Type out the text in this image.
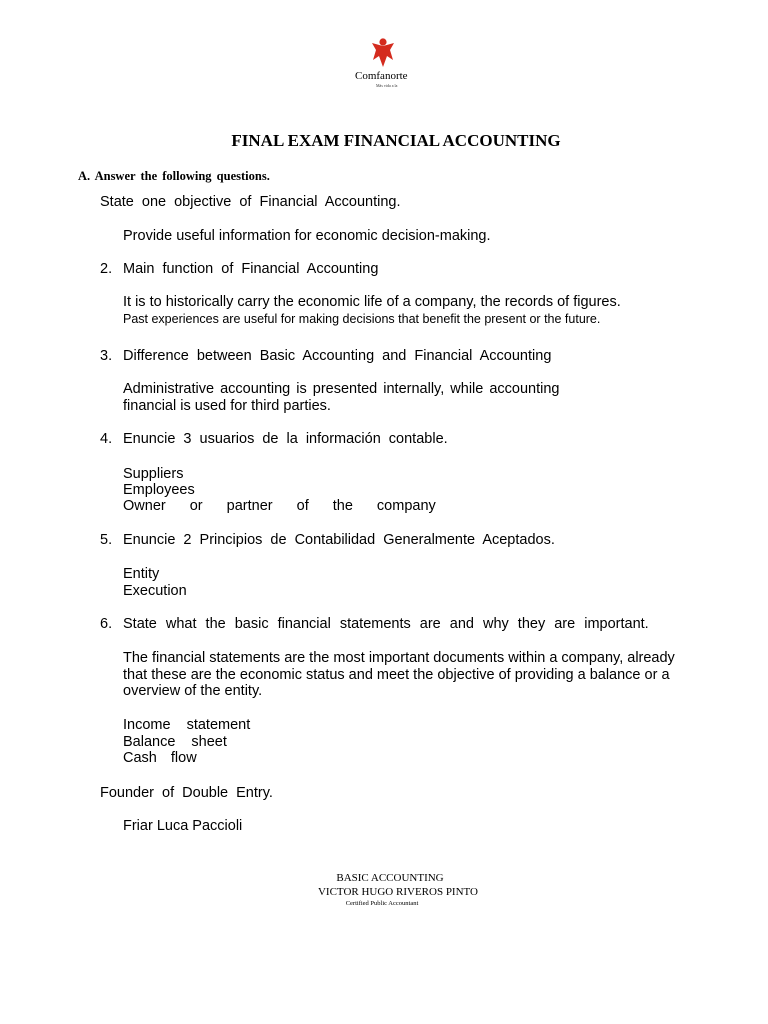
Comfanorte
Más vida a la
FINAL EXAM FINANCIAL ACCOUNTING
A. Answer the following questions.
State one objective of Financial Accounting.
Provide useful information for economic decision-making.
2. Main function of Financial Accounting
It is to historically carry the economic life of a company, the records of figures.
Past experiences are useful for making decisions that benefit the present or the future.
3. Difference between Basic Accounting and Financial Accounting
Administrative accounting is presented internally, while accounting
financial is used for third parties.
4. Enuncie 3 usuarios de la información contable.
Suppliers
Employees
Owner or partner of the company
5. Enuncie 2 Principios de Contabilidad Generalmente Aceptados.
Entity
Execution
6. State what the basic financial statements are and why they are important.
The financial statements are the most important documents within a company, already
that these are the economic status and meet the objective of providing a balance or a
overview of the entity.
Income statement
Balance sheet
Cash flow
Founder of Double Entry.
Friar Luca Paccioli
BASIC ACCOUNTING
VICTOR HUGO RIVEROS PINTO
Certified Public Accountant
